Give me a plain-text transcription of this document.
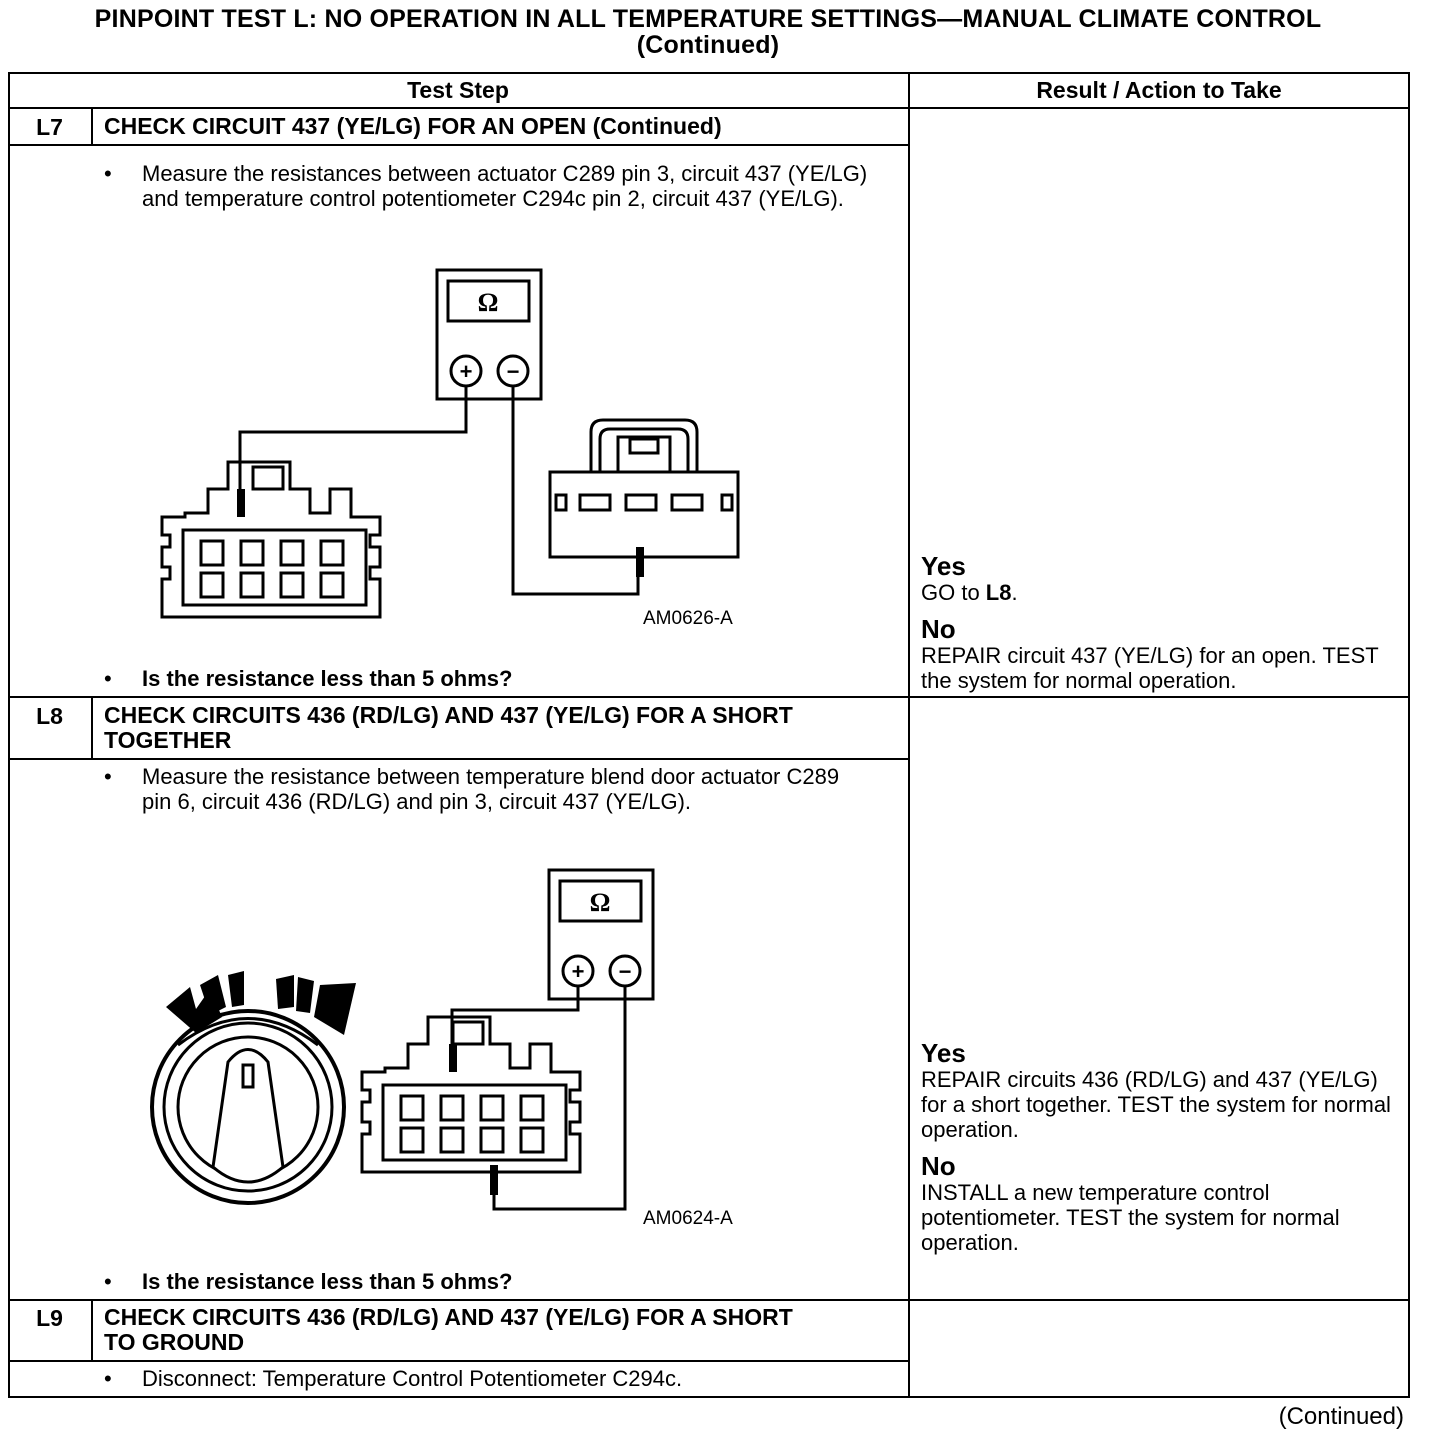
PINPOINT TEST L: NO OPERATION IN ALL TEMPERATURE SETTINGS—MANUAL CLIMATE CONTROL
(Continued)
Test Step	Result / Action to Take
L7	CHECK CIRCUIT 437 (YE/LG) FOR AN OPEN (Continued)
• Measure the resistances between actuator C289 pin 3, circuit 437 (YE/LG) and temperature control potentiometer C294c pin 2, circuit 437 (YE/LG).
Ω
+ −
AM0626-A
• Is the resistance less than 5 ohms?

Yes

GO to L8.

No

REPAIR circuit 437 (YE/LG) for an open. TEST the system for normal operation.

L8	CHECK CIRCUITS 436 (RD/LG) AND 437 (YE/LG) FOR A SHORT
TOGETHER
• Measure the resistance between temperature blend door actuator C289 pin 6, circuit 436 (RD/LG) and pin 3, circuit 437 (YE/LG).
Ω
+ −
AM0624-A
• Is the resistance less than 5 ohms?

Yes

REPAIR circuits 436 (RD/LG) and 437 (YE/LG) for a short together. TEST the system for normal operation.

No

INSTALL a new temperature control potentiometer. TEST the system for normal operation.

L9	CHECK CIRCUITS 436 (RD/LG) AND 437 (YE/LG) FOR A SHORT
TO GROUND
• Disconnect: Temperature Control Potentiometer C294c.
(Continued)
